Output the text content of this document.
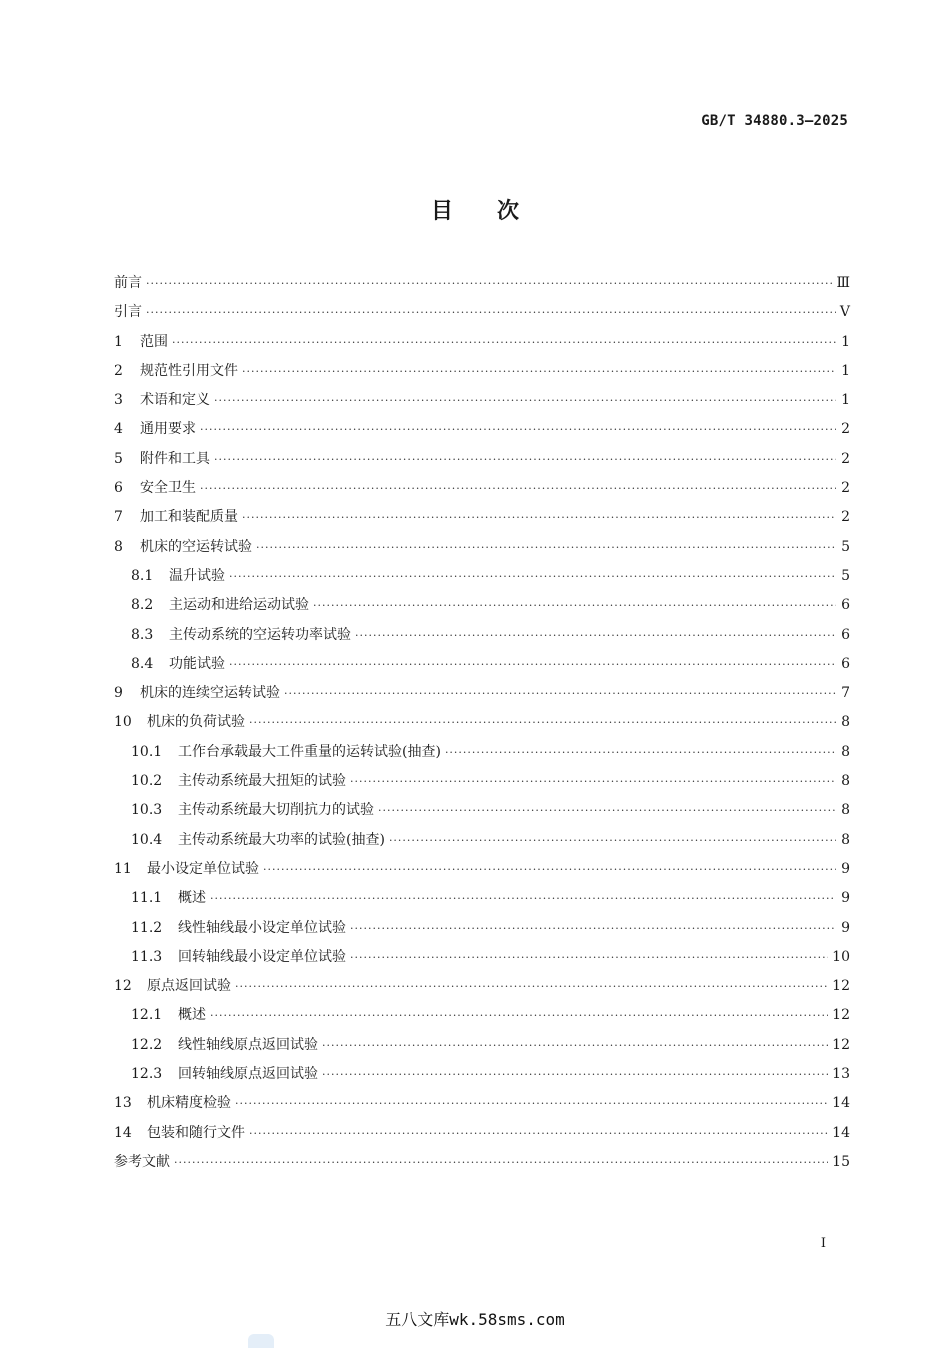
GB/T 34880.3—2025
目　　次
前言 ·····	Ⅲ
引言 ·····	Ⅴ
1	范围 ·····	1
2	规范性引用文件 ·····	1
3	术语和定义 ·····	1
4	通用要求 ·····	2
5	附件和工具 ·····	2
6	安全卫生 ·····	2
7	加工和装配质量 ·····	2
8	机床的空运转试验 ·····	5
8.1	温升试验 ·····	5
8.2	主运动和进给运动试验 ·····	6
8.3	主传动系统的空运转功率试验 ·····	6
8.4	功能试验 ·····	6
9	机床的连续空运转试验 ·····	7
10	机床的负荷试验 ·····	8
10.1	工作台承载最大工件重量的运转试验(抽查) ·····	8
10.2	主传动系统最大扭矩的试验 ·····	8
10.3	主传动系统最大切削抗力的试验 ·····	8
10.4	主传动系统最大功率的试验(抽查) ·····	8
11	最小设定单位试验 ·····	9
11.1	概述 ·····	9
11.2	线性轴线最小设定单位试验 ·····	9
11.3	回转轴线最小设定单位试验 ·····	10
12	原点返回试验 ·····	12
12.1	概述 ·····	12
12.2	线性轴线原点返回试验 ·····	12
12.3	回转轴线原点返回试验 ·····	13
13	机床精度检验 ·····	14
14	包装和随行文件 ·····	14
参考文献 ·····	15
Ⅰ
五八文库wk.58sms.com
